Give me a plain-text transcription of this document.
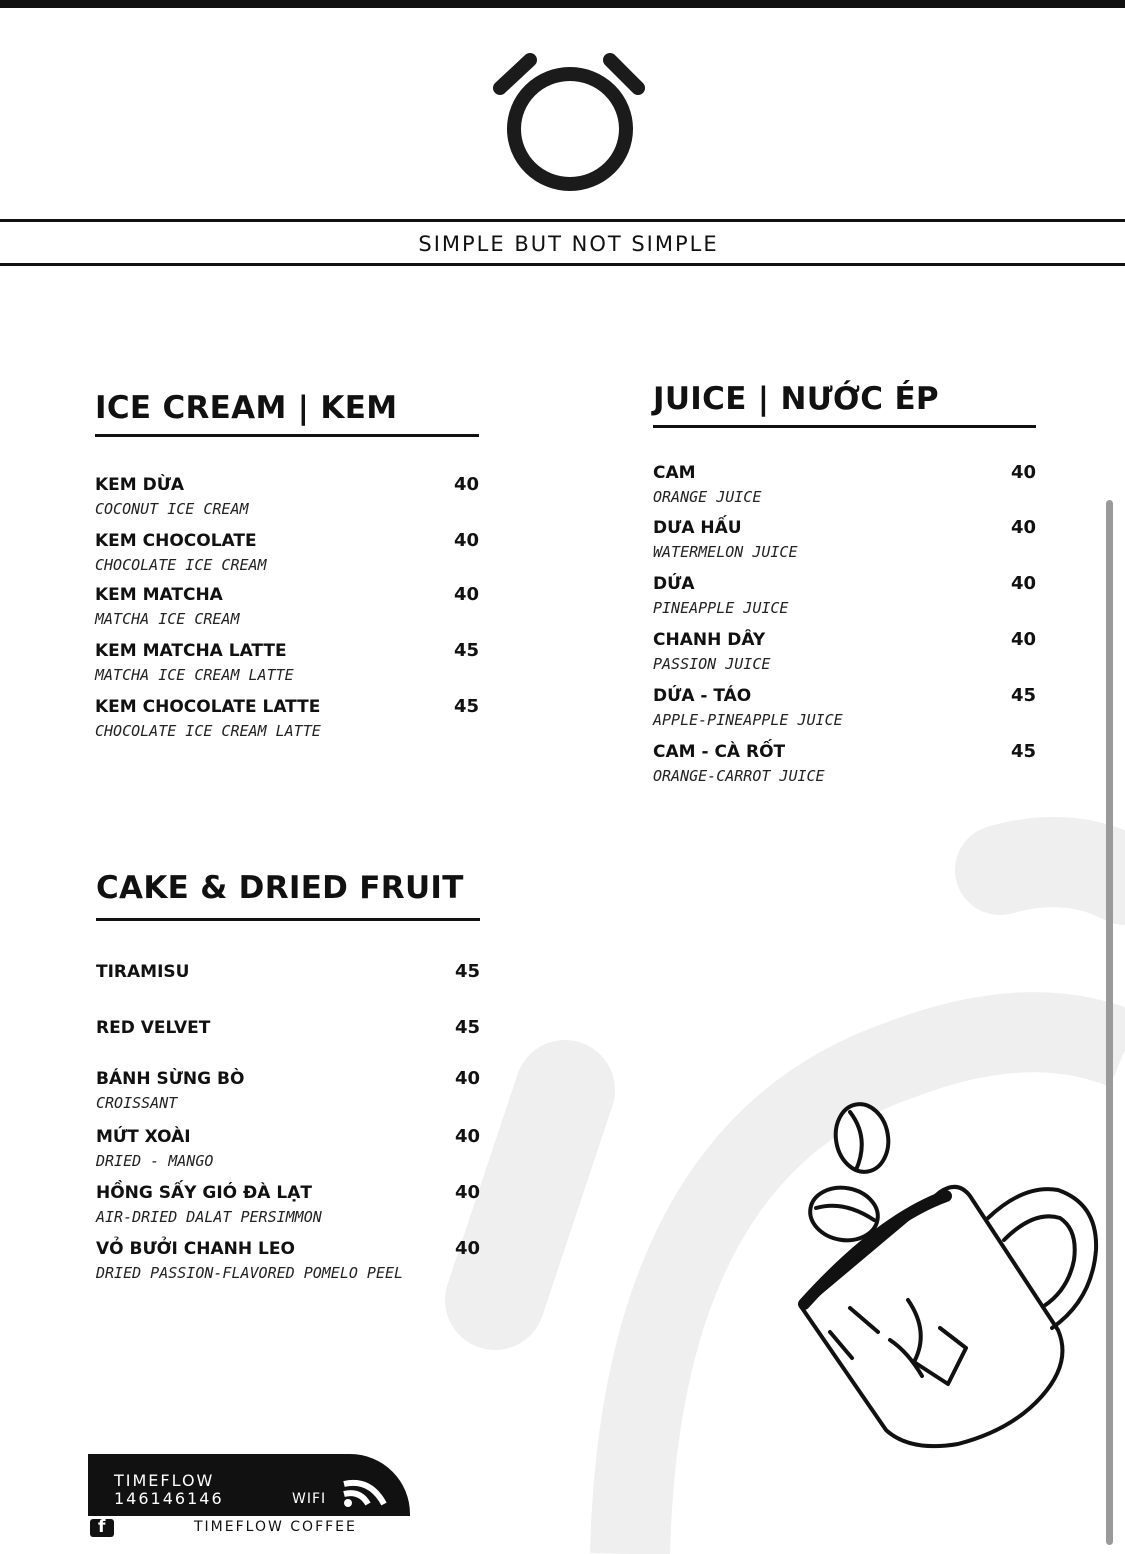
SIMPLE BUT NOT SIMPLE
ICE CREAM | KEM
KEM DỪA
COCONUT ICE CREAM
40
KEM CHOCOLATE
CHOCOLATE ICE CREAM
40
KEM MATCHA
MATCHA ICE CREAM
40
KEM MATCHA LATTE
MATCHA ICE CREAM LATTE
45
KEM CHOCOLATE LATTE
CHOCOLATE ICE CREAM LATTE
45
JUICE | NƯỚC ÉP
CAM
ORANGE JUICE
40
DƯA HẤU
WATERMELON JUICE
40
DỨA
PINEAPPLE JUICE
40
CHANH DÂY
PASSION JUICE
40
DỨA - TÁO
APPLE-PINEAPPLE JUICE
45
CAM - CÀ RỐT
ORANGE-CARROT JUICE
45
CAKE & DRIED FRUIT
TIRAMISU	45
RED VELVET	45
BÁNH SỪNG BÒ
CROISSANT
40
MỨT XOÀI
DRIED - MANGO
40
HỒNG SẤY GIÓ ĐÀ LẠT
AIR-DRIED DALAT PERSIMMON
40
VỎ BƯỞI CHANH LEO
DRIED PASSION-FLAVORED POMELO PEEL
40
TIMEFLOW
146146146	WIFI
f	TIMEFLOW COFFEE
